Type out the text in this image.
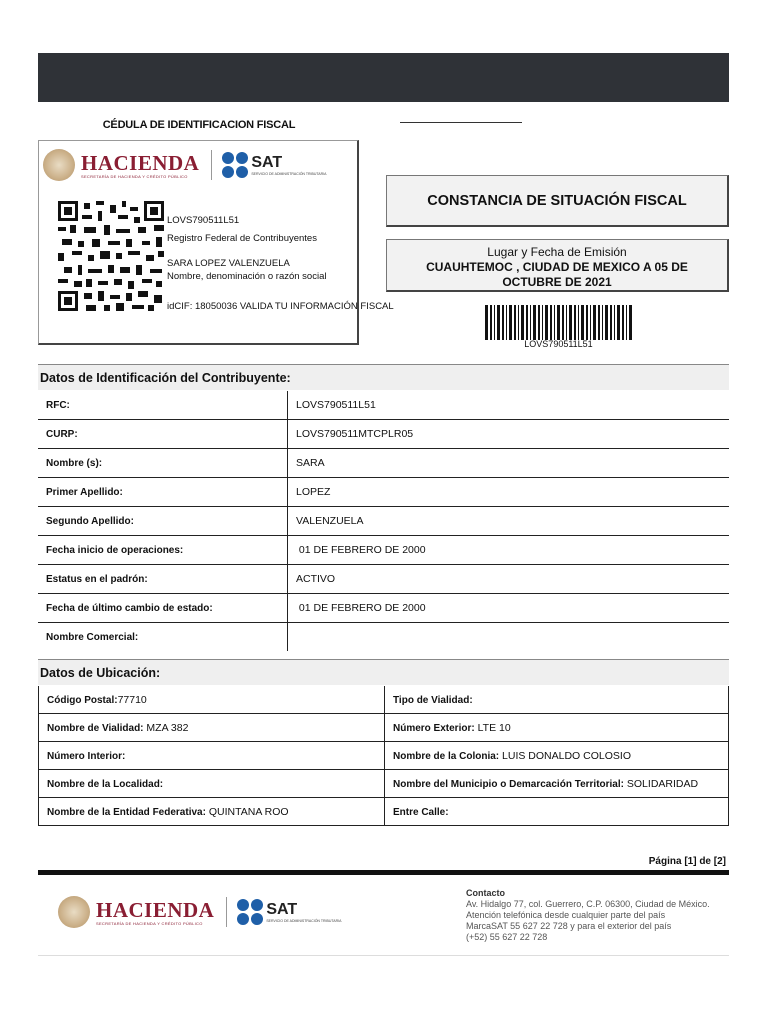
CÉDULA DE IDENTIFICACION FISCAL
HACIENDA
SECRETARÍA DE HACIENDA Y CRÉDITO PÚBLICO
SAT
SERVICIO DE ADMINISTRACIÓN TRIBUTARIA
LOVS790511L51
Registro Federal de Contribuyentes
SARA LOPEZ VALENZUELA
Nombre, denominación o razón social
idCIF: 18050036 VALIDA TU INFORMACIÓN FISCAL
CONSTANCIA DE SITUACIÓN FISCAL
Lugar y Fecha de Emisión
CUAUHTEMOC , CIUDAD DE MEXICO A 05 DE
OCTUBRE DE 2021
LOVS790511L51
Datos de Identificación del Contribuyente:
RFC:	LOVS790511L51
CURP:	LOVS790511MTCPLR05
Nombre (s):	SARA
Primer Apellido:	LOPEZ
Segundo Apellido:	VALENZUELA
Fecha inicio de operaciones:	01 DE FEBRERO DE 2000
Estatus en el padrón:	ACTIVO
Fecha de último cambio de estado:	01 DE FEBRERO DE 2000
Nombre Comercial:	
Datos de Ubicación:
Código Postal:77710	Tipo de Vialidad:
Nombre de Vialidad: MZA 382	Número Exterior: LTE 10
Número Interior:	Nombre de la Colonia: LUIS DONALDO COLOSIO
Nombre de la Localidad:	Nombre del Municipio o Demarcación Territorial: SOLIDARIDAD
Nombre de la Entidad Federativa: QUINTANA ROO	Entre Calle:
Página [1] de [2]
HACIENDA
SECRETARÍA DE HACIENDA Y CRÉDITO PÚBLICO
SAT
SERVICIO DE ADMINISTRACIÓN TRIBUTARIA
Contacto
Av. Hidalgo 77, col. Guerrero, C.P. 06300, Ciudad de México.
Atención telefónica desde cualquier parte del país
MarcaSAT 55 627 22 728 y para el exterior del país
(+52) 55 627 22 728
